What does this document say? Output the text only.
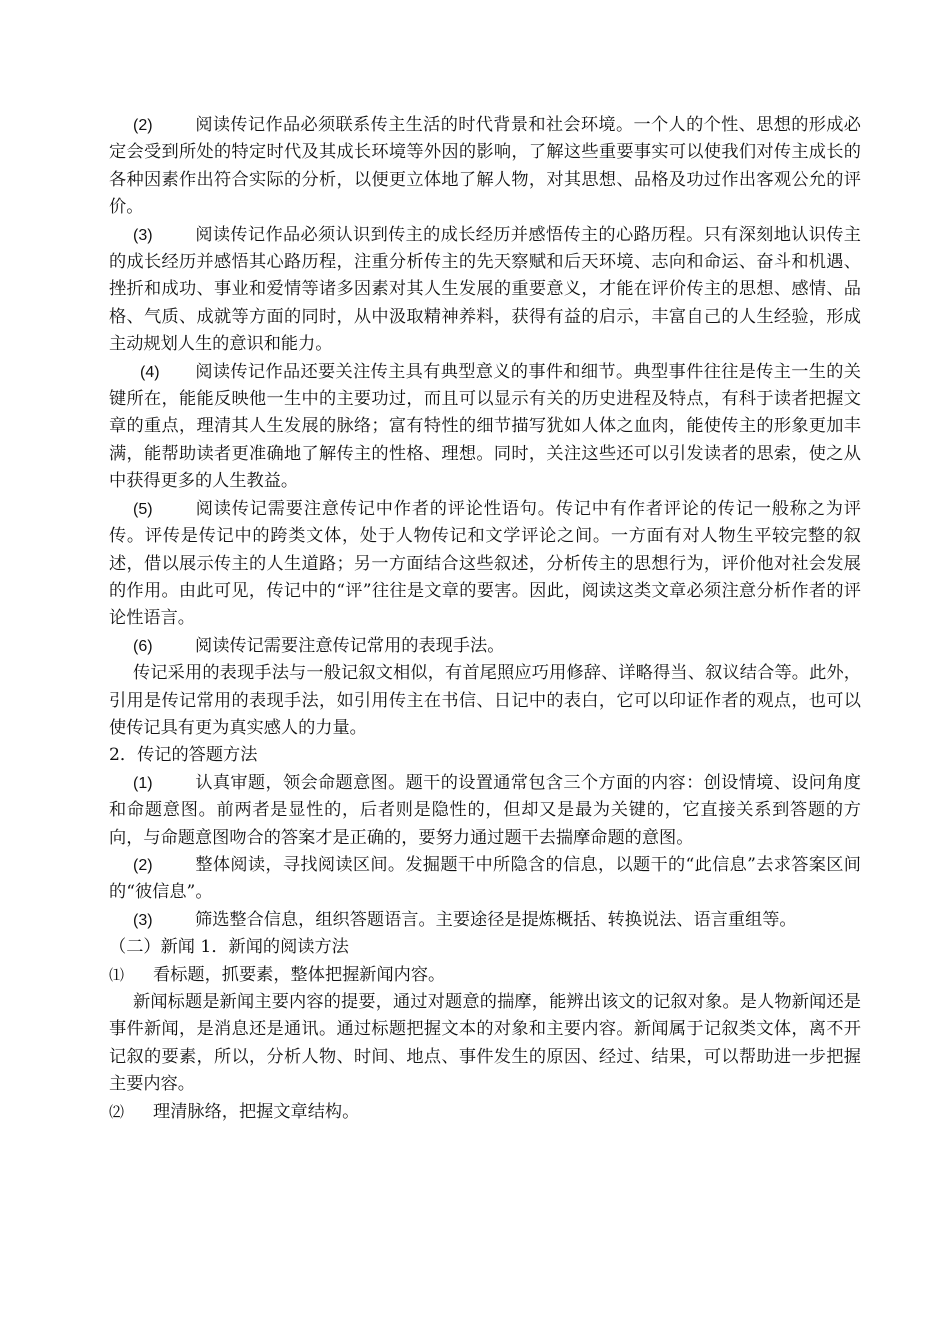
(2) 阅读传记作品必须联系传主生活的时代背景和社会环境。一个人的个性、思想的形成必定会受到所处的特定时代及其成长环境等外因的影响，了解这些重要事实可以使我们对传主成长的各种因素作出符合实际的分析，以便更立体地了解人物，对其思想、品格及功过作出客观公允的评价。

(3) 阅读传记作品必须认识到传主的成长经历并感悟传主的心路历程。只有深刻地认识传主的成长经历并感悟其心路历程，注重分析传主的先天察赋和后天环境、志向和命运、奋斗和机遇、挫折和成功、事业和爱情等诸多因素对其人生发展的重要意义，才能在评价传主的思想、感情、品格、气质、成就等方面的同时，从中汲取精神养料，获得有益的启示，丰富自己的人生经验，形成主动规划人生的意识和能力。

(4) 阅读传记作品还要关注传主具有典型意义的事件和细节。典型事件往往是传主一生的关键所在，能能反映他一生中的主要功过，而且可以显示有关的历史进程及特点，有科于读者把握文章的重点，理清其人生发展的脉络；富有特性的细节描写犹如人体之血肉，能使传主的形象更加丰满，能帮助读者更准确地了解传主的性格、理想。同时，关注这些还可以引发读者的思索，使之从中获得更多的人生教益。

(5) 阅读传记需要注意传记中作者的评论性语句。传记中有作者评论的传记一般称之为评传。评传是传记中的跨类文体，处于人物传记和文学评论之间。一方面有对人物生平较完整的叙述，借以展示传主的人生道路；另一方面结合这些叙述，分析传主的思想行为，评价他对社会发展的作用。由此可见，传记中的“评”往往是文章的要害。因此，阅读这类文章必须注意分析作者的评论性语言。

(6) 阅读传记需要注意传记常用的表现手法。

传记采用的表现手法与一般记叙文相似，有首尾照应巧用修辞、详略得当、叙议结合等。此外，引用是传记常用的表现手法，如引用传主在书信、日记中的表白，它可以印证作者的观点，也可以使传记具有更为真实感人的力量。

2．传记的答题方法

(1) 认真审题，领会命题意图。题干的设置通常包含三个方面的内容：创设情境、设问角度和命题意图。前两者是显性的，后者则是隐性的，但却又是最为关键的，它直接关系到答题的方向，与命题意图吻合的答案才是正确的，要努力通过题干去揣摩命题的意图。

(2) 整体阅读，寻找阅读区间。发掘题干中所隐含的信息，以题干的“此信息”去求答案区间的“彼信息”。

(3) 筛选整合信息，组织答题语言。主要途径是提炼概括、转换说法、语言重组等。

（二）新闻 1．新闻的阅读方法

⑴ 看标题，抓要素，整体把握新闻内容。

新闻标题是新闻主要内容的提要，通过对题意的揣摩，能辨出该文的记叙对象。是人物新闻还是事件新闻，是消息还是通讯。通过标题把握文本的对象和主要内容。新闻属于记叙类文体，离不开记叙的要素，所以，分析人物、时间、地点、事件发生的原因、经过、结果，可以帮助进一步把握主要内容。

⑵ 理清脉络，把握文章结构。
